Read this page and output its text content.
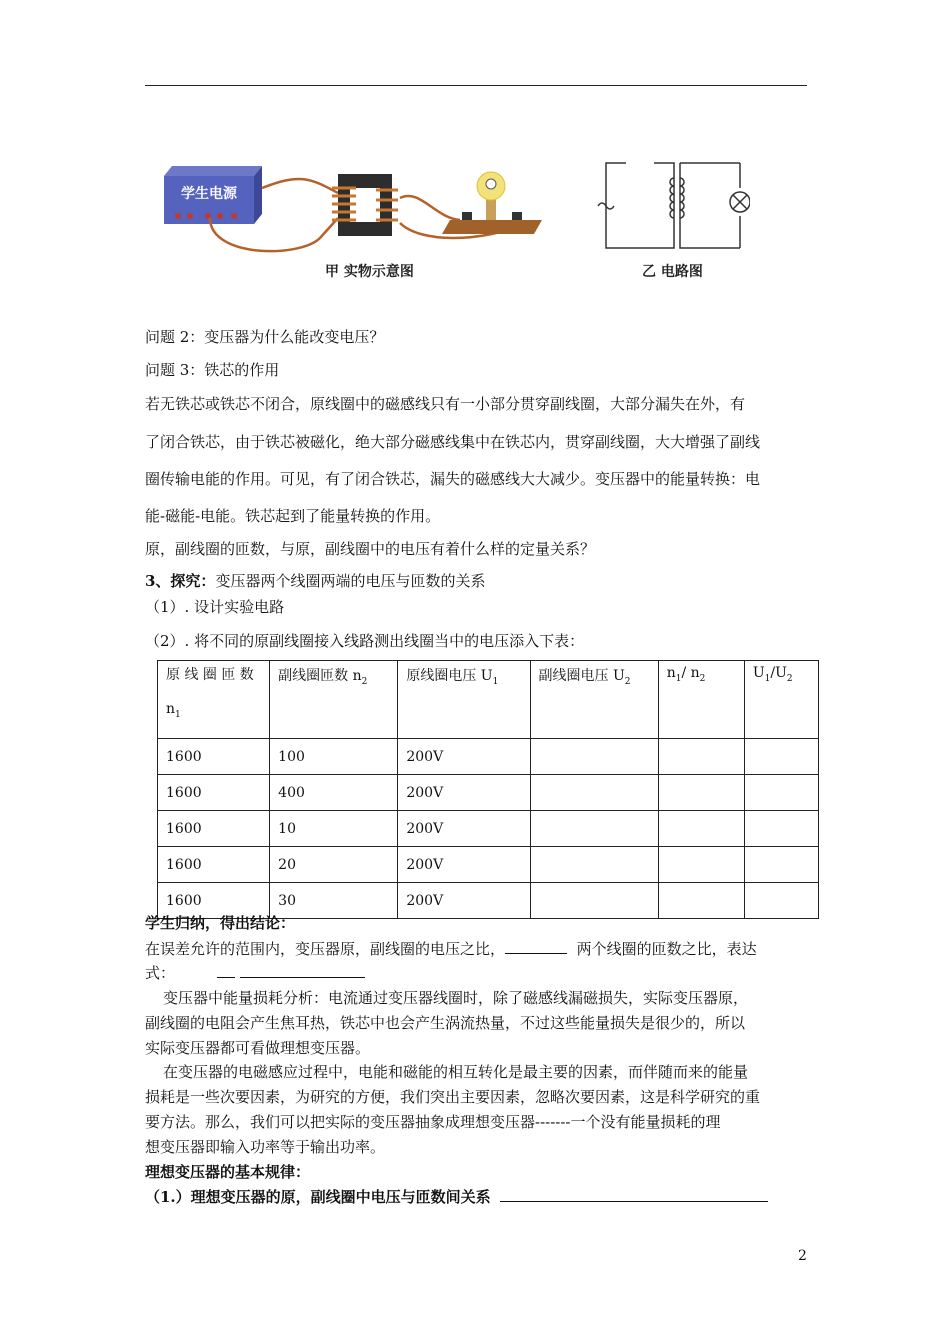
学生电源
甲 实物示意图	乙 电路图
问题 2：变压器为什么能改变电压？
问题 3：铁芯的作用
若无铁芯或铁芯不闭合，原线圈中的磁感线只有一小部分贯穿副线圈，大部分漏失在外，有
了闭合铁芯，由于铁芯被磁化，绝大部分磁感线集中在铁芯内，贯穿副线圈，大大增强了副线
圈传输电能的作用。可见，有了闭合铁芯，漏失的磁感线大大减少。变压器中的能量转换：电
能-磁能-电能。铁芯起到了能量转换的作用。
原，副线圈的匝数，与原，副线圈中的电压有着什么样的定量关系？
3、探究：变压器两个线圈两端的电压与匝数的关系
（1）. 设计实验电路
（2）. 将不同的原副线圈接入线路测出线圈当中的电压添入下表：
原 线 圈 匝 数
$n_1$	副线圈匝数 $n_2$	原线圈电压 $U_1$	副线圈电压 $U_2$	$n_1/$ $n_2$	$U_1/U_2$
1600	100	200V			
1600	400	200V			
1600	10	200V			
1600	20	200V			
1600	30	200V			
学生归纳，得出结论：
在误差允许的范围内，变压器原，副线圈的电压之比，	两个线圈的匝数之比，表达
式：
变压器中能量损耗分析：电流通过变压器线圈时，除了磁感线漏磁损失，实际变压器原，
副线圈的电阻会产生焦耳热，铁芯中也会产生涡流热量，不过这些能量损失是很少的，所以
实际变压器都可看做理想变压器。
在变压器的电磁感应过程中，电能和磁能的相互转化是最主要的因素，而伴随而来的能量
损耗是一些次要因素，为研究的方便，我们突出主要因素，忽略次要因素，这是科学研究的重
要方法。那么，我们可以把实际的变压器抽象成理想变压器-------一个没有能量损耗的理
想变压器即输入功率等于输出功率。
理想变压器的基本规律：
（1.）理想变压器的原，副线圈中电压与匝数间关系
2
